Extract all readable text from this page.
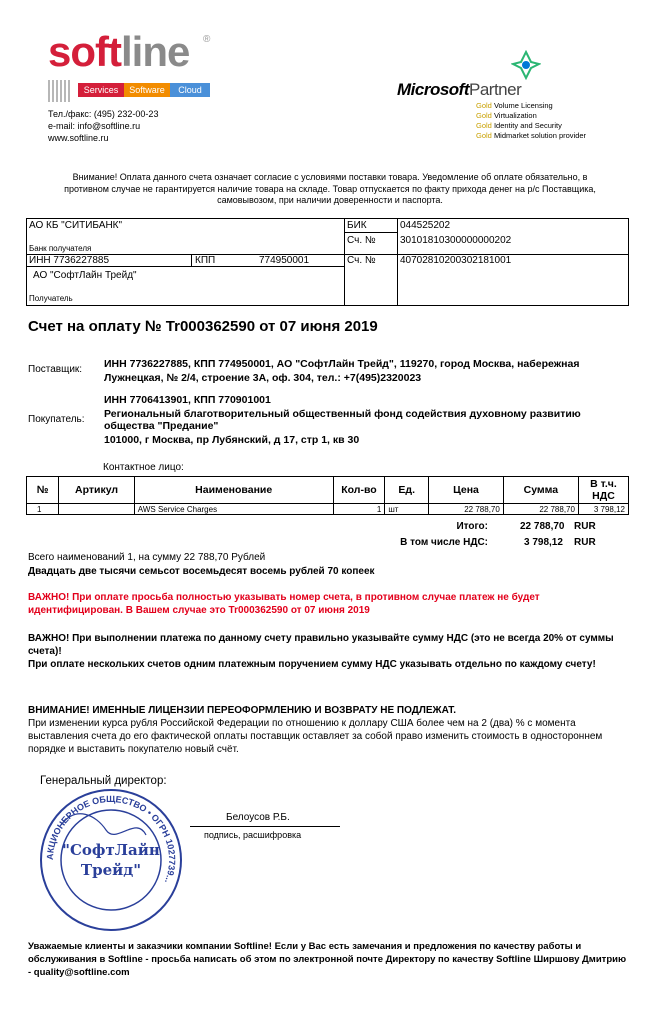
softline ®
Services	Software	Cloud
Тел./факс: (495) 232-00-23
e-mail: info@softline.ru
www.softline.ru
MicrosoftPartner
Gold Volume Licensing
Gold Virtualization
Gold Identity and Security
Gold Midmarket solution provider
Внимание! Оплата данного счета означает согласие с условиями поставки товара. Уведомление об оплате обязательно, в противном случае не гарантируется наличие товара на складе. Товар отпускается по факту прихода денег на р/с Поставщика, самовывозом, при наличии доверенности и паспорта.
АО КБ "СИТИБАНК"
Банк получателя
БИК	044525202
Сч. № 30101810300000000202
ИНН 7736227885	КПП	774950001	Сч. № 40702810200302181001
АО "СофтЛайн Трейд"
Получатель
Счет на оплату № Tr000362590 от 07 июня 2019
Поставщик: ИНН 7736227885, КПП 774950001, АО "СофтЛайн Трейд", 119270, город Москва, набережная
Лужнецкая, № 2/4, строение 3А, оф. 304, тел.: +7(495)2320023
Покупатель:
ИНН 7706413901, КПП 770901001
Региональный благотворительный общественный фонд содействия духовному развитию
общества "Предание"
101000, г Москва, пр Лубянский, д 17, стр 1, кв 30
Контактное лицо:
№	Артикул	Наименование	Кол-во	Ед.	Цена	Сумма	В т.ч. НДС
1		AWS Service Charges	1	шт	22 788,70	22 788,70	3 798,12
Итого:	22 788,70 RUR
В том числе НДС:	3 798,12 RUR
Всего наименований 1, на сумму 22 788,70 Рублей
Двадцать две тысячи семьсот восемьдесят восемь рублей 70 копеек
ВАЖНО! При оплате просьба полностью указывать номер счета, в противном случае платеж не будет идентифицирован. В Вашем случае это Tr000362590 от 07 июня 2019
ВАЖНО! При выполнении платежа по данному счету правильно указывайте сумму НДС (это не всегда 20% от суммы счета)!
При оплате нескольких счетов одним платежным поручением сумму НДС указывать отдельно по каждому счету!
ВНИМАНИЕ! ИМЕННЫЕ ЛИЦЕНЗИИ ПЕРЕОФОРМЛЕНИЮ И ВОЗВРАТУ НЕ ПОДЛЕЖАТ.
При изменении курса рубля Российской Федерации по отношению к доллару США более чем на 2 (два) % с момента выставления счета до его фактической оплаты поставщик оставляет за собой право изменить стоимость в одностороннем порядке и выставить покупателю новый счёт.
Генеральный директор:
Белоусов Р.Б.
подпись, расшифровка
АКЦИОНЕРНОЕ ОБЩЕСТВО • ОГРН 1027739...
"СофтЛайн
Трейд"
Уважаемые клиенты и заказчики компании Softline! Если у Вас есть замечания и предложения по качеству работы и обслуживания в Softline - просьба написать об этом по электронной почте Директору по качеству Softline Ширшову Дмитрию - quality@softline.com
